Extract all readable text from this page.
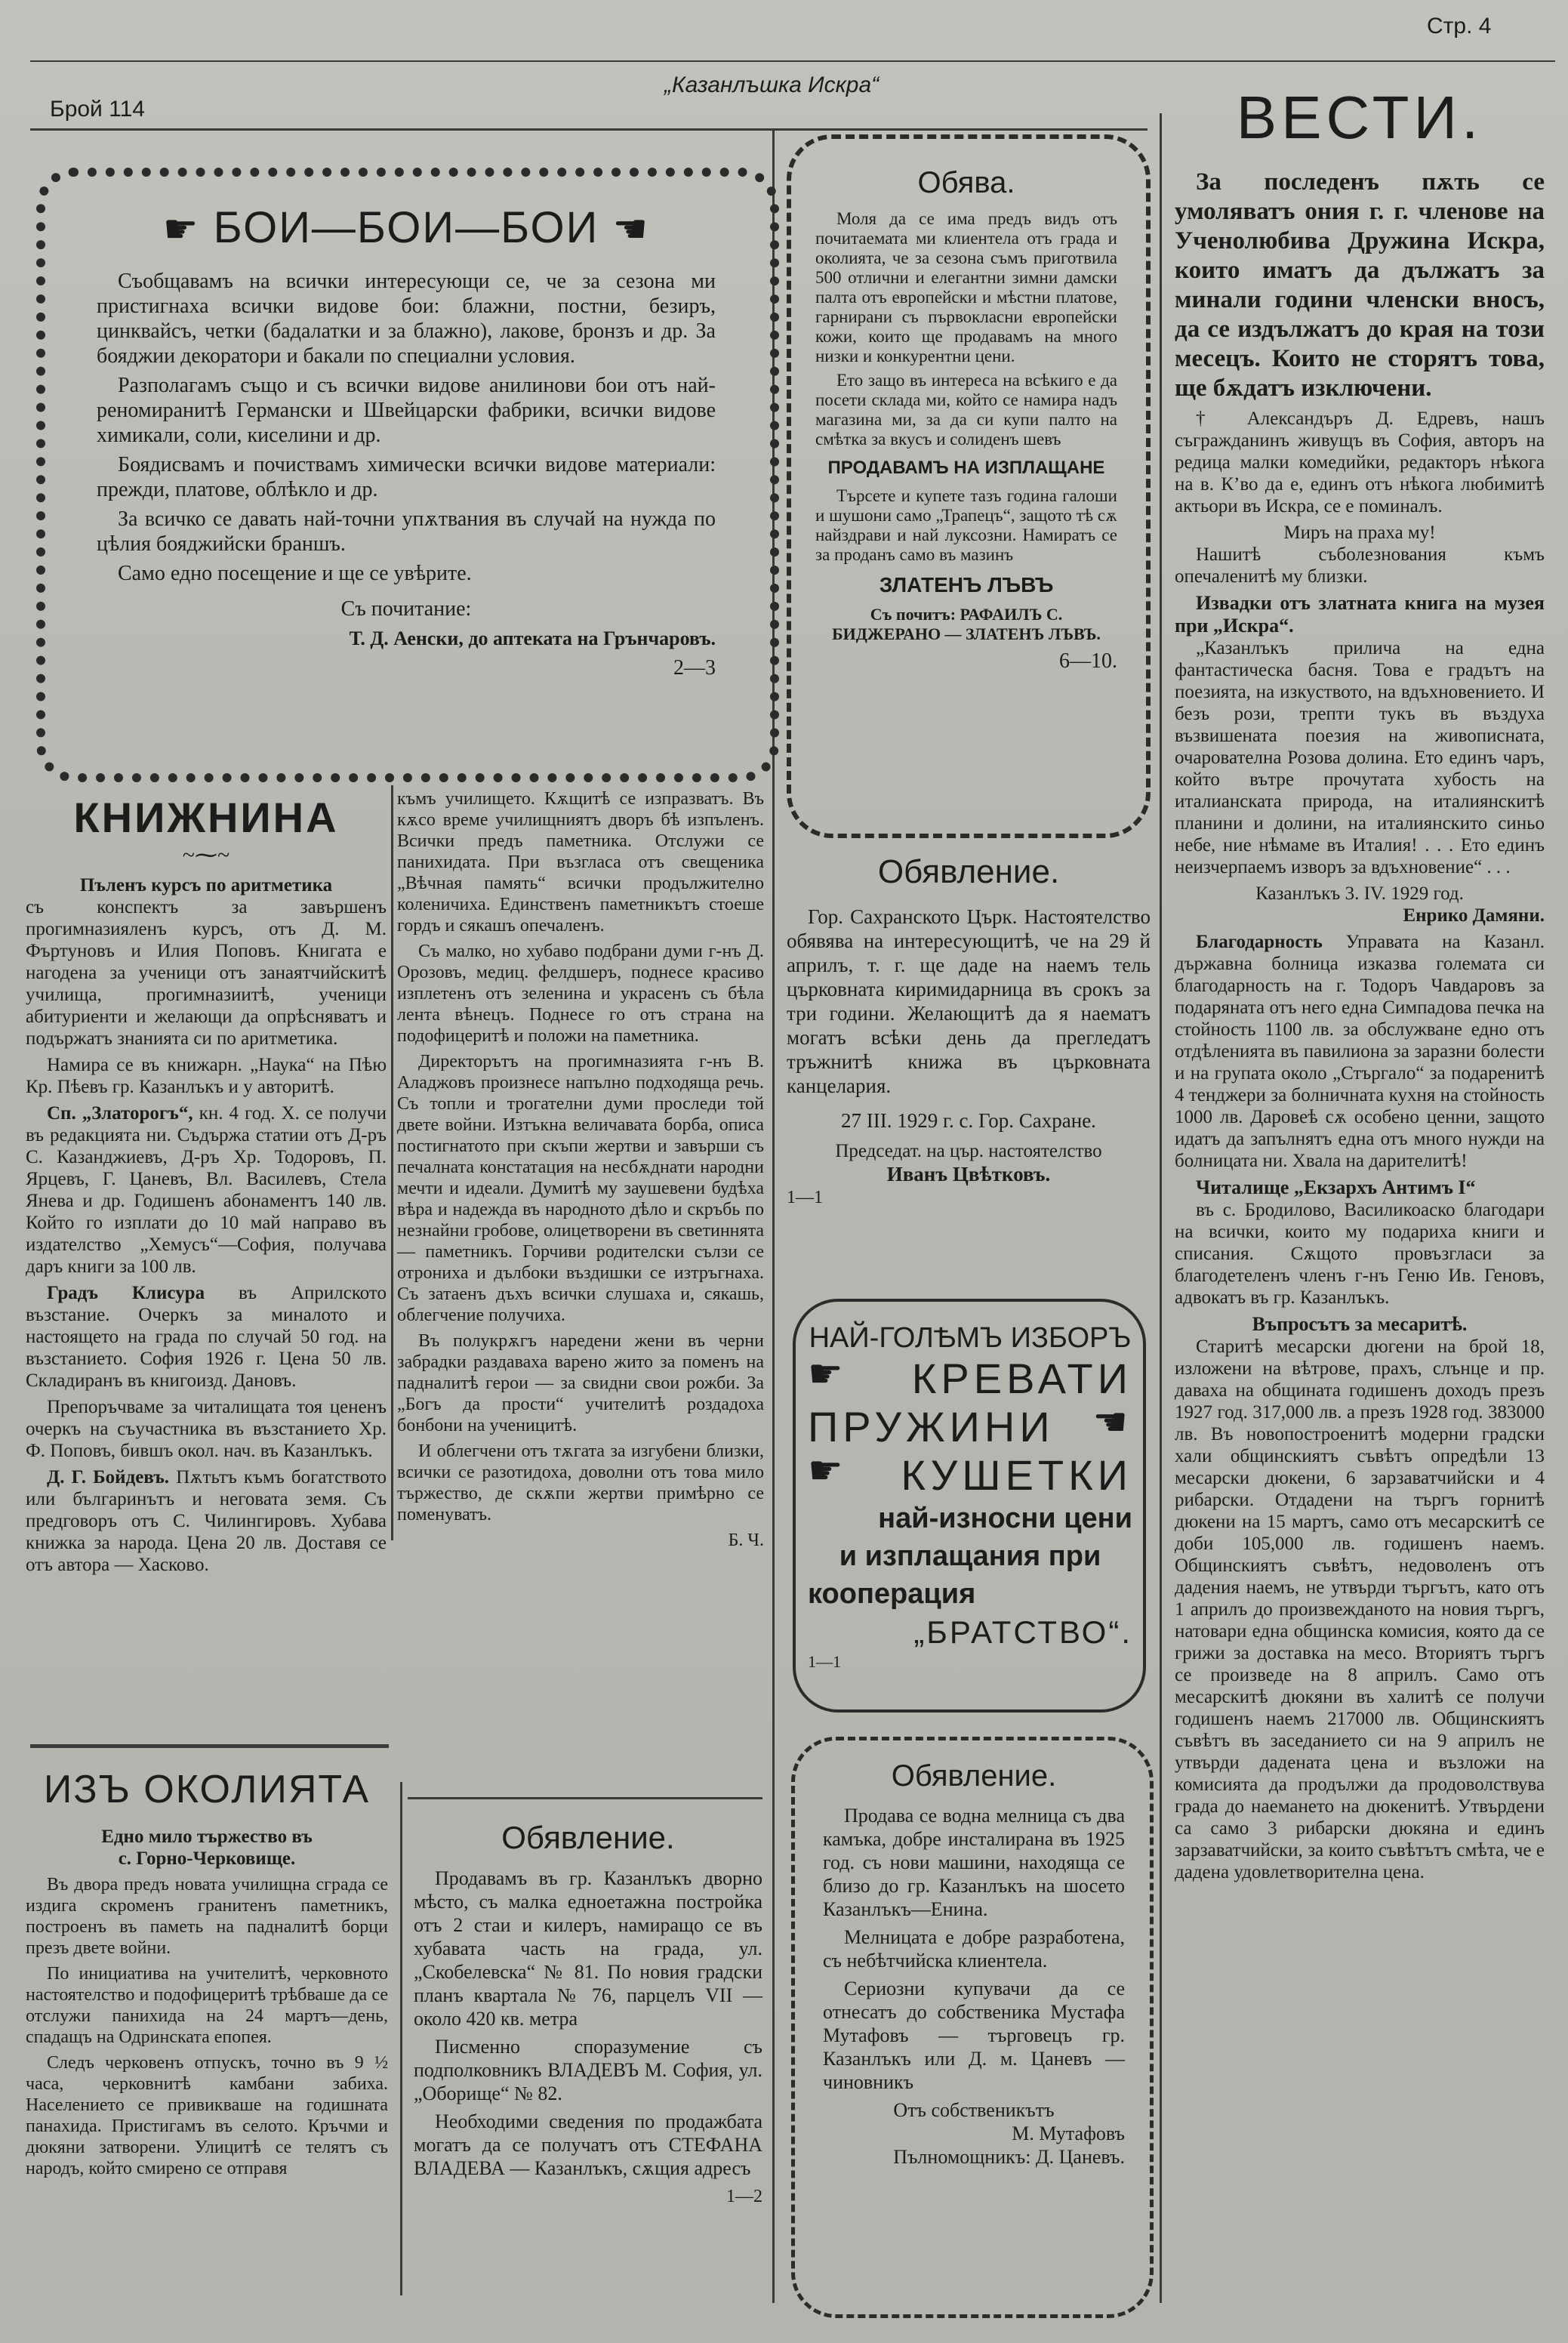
Брой 114
„Казанлъшка Искра“
Стр. 4
☛ БОИ—БОИ—БОИ ☚

Съобщавамъ на всички интересующи се, че за сезона ми пристигнаха всички видове бои: блажни, постни, безиръ, цинквайсъ, четки (бадалатки и за блажно), лакове, бронзъ и др. За бояджии декоратори и бакали по специални условия.

Разполагамъ също и съ всички видове анилинови бои отъ най-реномиранитѣ Германски и Швейцарски фабрики, всички видове химикали, соли, киселини и др.

Боядисвамъ и почиствамъ химически всички видове материали: прежди, платове, облѣкло и др.

За всичко се давать най-точни упѫтвания въ случай на нужда по цѣлия бояджийски браншъ.

Само едно посещение и ще се увѣрите.

Съ почитание:

Т. Д. Аенски, до аптеката на Грънчаровъ.

2—3

Обява.

Моля да се има предъ видъ отъ почитаемата ми клиентела отъ града и околията, че за сезона съмъ приготвила 500 отлични и елегантни зимни дамски палта отъ европейски и мѣстни платове, гарнирани съ първокласни европейски кожи, които ще продавамъ на много низки и конкурентни цени.

Ето защо въ интереса на всѣкиго е да посети склада ми, който се намира надъ магазина ми, за да си купи палто на смѣтка за вкусъ и солиденъ шевъ

ПРОДАВАМЪ НА ИЗПЛАЩАНЕ

Търсете и купете тазъ година галоши и шушони само „Трапецъ“, защото тѣ сѫ найздрави и най луксозни. Намиратъ се за проданъ само въ мазинъ

ЗЛАТЕНЪ ЛЪВЪ

Съ почитъ: РАФАИЛЪ С. БИДЖЕРАНО — ЗЛАТЕНЪ ЛЪВЪ.

6—10.

ВЕСТИ.

За последенъ пѫть се умоляватъ ония г. г. членове на Ученолюбива Дружина Искра, които иматъ да дължатъ за минали години членски вносъ, да се издължатъ до края на този месецъ. Които не сторятъ това, ще бѫдатъ изключени.

† Александъръ Д. Едревъ, нашъ съгражданинъ живущъ въ София, авторъ на редица малки комедийки, редакторъ нѣкога на в. К’во да е, единъ отъ нѣкога любимитѣ актьори въ Искра, се е поминалъ.

Миръ на праха му!

Нашитѣ съболезнования къмъ опечаленитѣ му близки.

Извадки отъ златната книга на музея при „Искра“.

„Казанлъкъ прилича на една фантастическа басня. Това е градътъ на поезията, на изкуството, на вдъхновението. И безъ рози, трепти тукъ въ въздуха възвишената поезия на живописната, очарователна Розова долина. Ето единъ чаръ, който вътре прочутата хубость на италианската природа, на италиянскитѣ планини и долини, на италиянскито синьо небе, ние нѣмаме въ Италия! . . . Ето единъ неизчерпаемъ изворъ за вдъхновение“ . . .

Казанлъкъ 3. IV. 1929 год.

Енрико Дамяни.

Благодарность Управата на Казанл. държавна болница изказва големата си благодарность на г. Тодоръ Чавдаровъ за подаряната отъ него една Симпадова печка на стойность 1100 лв. за обслужване едно отъ отдѣленията въ павилиона за заразни болести и на групата около „Стъргало“ за подаренитѣ 4 тенджери за болничната кухня на стойность 1000 лв. Даровеѣ сѫ особено ценни, защото идатъ да запълнятъ една отъ много нужди на болницата ни. Хвала на дарителитѣ!

Читалище „Екзархъ Антимъ I“

въ с. Бродилово, Василикоаско благодари на всички, които му подариха книги и списания. Сѫщото провъзгласи за благодетеленъ членъ г-нъ Геню Ив. Геновъ, адвокатъ въ гр. Казанлъкъ.

Въпросътъ за месаритѣ.

Старитѣ месарски дюгени на брой 18, изложени на вѣтрове, прахъ, слънце и пр. даваха на общината годишенъ доходъ презъ 1927 год. 317,000 лв. а презъ 1928 год. 383000 лв. Въ новопостроенитѣ модерни градски хали общинскиятъ съвѣтъ опредѣли 13 месарски дюкени, 6 зарзаватчийски и 4 рибарски. Отдадени на търгъ горнитѣ дюкени на 15 мартъ, само отъ месарскитѣ се доби 105,000 лв. годишенъ наемъ. Общинскиятъ съвѣтъ, недоволенъ отъ дадения наемъ, не утвърди търгътъ, като отъ 1 априлъ до произвежданото на новия търгъ, натовари една общинска комисия, която да се грижи за доставка на месо. Вториятъ търгъ се произведе на 8 априлъ. Само отъ месарскитѣ дюкяни въ халитѣ се получи годишенъ наемъ 217000 лв. Общинскиятъ съвѣтъ въ заседанието си на 9 априлъ не утвърди дадената цена и възложи на комисията да продължи да продоволствува града до наемането на дюкенитѣ. Утвърдени са само 3 рибарски дюкяна и единъ зарзаватчийски, за които съвѣтътъ смѣта, че е дадена удовлетворителна цена.

КНИЖНИНА
~⁓~

Пъленъ курсъ по аритметика

съ конспектъ за завършенъ прогимназияленъ курсъ, отъ Д. М. Фъртуновъ и Илия Поповъ. Книгата е нагодена за ученици отъ занаятчийскитѣ училища, прогимназиитѣ, ученици абитуриенти и желающи да опрѣсняватъ и подържатъ знанията си по аритметика.

Намира се въ книжарн. „Наука“ на Пѣю Кр. Пѣевъ гр. Казанлъкъ и у авторитѣ.

Сп. „Златорогъ“, кн. 4 год. X. се получи въ редакцията ни. Съдържа статии отъ Д-ръ С. Казанджиевъ, Д-ръ Хр. Тодоровъ, П. Ярцевъ, Г. Цаневъ, Вл. Василевъ, Стела Янева и др. Годишенъ абонаментъ 140 лв. Който го изплати до 10 май направо въ издателство „Хемусъ“—София, получава даръ книги за 100 лв.

Градъ Клисура въ Априлското възстание. Очеркъ за миналото и настоящето на града по случай 50 год. на възстанието. София 1926 г. Цена 50 лв. Складиранъ въ книгоизд. Дановъ.

Препоръчваме за читалищата тоя цененъ очеркъ на съучастника въ възстанието Хр. Ф. Поповъ, бившъ окол. нач. въ Казанлъкъ.

Д. Г. Бойдевъ. Пѫтьтъ къмъ богатството или българинътъ и неговата земя. Съ предговоръ отъ С. Чилингировъ. Хубава книжка за народа. Цена 20 лв. Доставя се отъ автора — Хасково.

ИЗЪ ОКОЛИЯТА

Едно мило тържество въ

с. Горно-Черковище.

Въ двора предъ новата училищна сграда се издига скроменъ гранитенъ паметникъ, построенъ въ паметь на падналитѣ борци презъ двете войни.

По инициатива на учителитѣ, черковното настоятелство и подофицеритѣ трѣбваше да се отслужи панихида на 24 мартъ—день, спадащъ на Одринската епопея.

Следъ черковенъ отпускъ, точно въ 9 ½ часа, черковнитѣ камбани забиха. Населението се привикваше на годишната панахида. Пристигамъ въ селото. Кръчми и дюкяни затворени. Улицитѣ се телятъ съ народъ, който смирено се отправя

къмъ училището. Кѫщитѣ се изпразватъ. Въ кѫсо време училищниятъ дворъ бѣ изпъленъ. Всички предъ паметника. Отслужи се панихидата. При възгласа отъ свещеника „Вѣчная память“ всички продължително коленичиха. Единственъ паметникътъ стоеше гордъ и сякашъ опечаленъ.

Съ малко, но хубаво подбрани думи г-нъ Д. Орозовъ, медиц. фелдшеръ, поднесе красиво изплетенъ отъ зеленина и украсенъ съ бѣла лента вѣнецъ. Поднесе го отъ страна на подофицеритѣ и положи на паметника.

Директорътъ на прогимназията г-нъ В. Аладжовъ произнесе напълно подходяща речь. Съ топли и трогателни думи проследи той двете войни. Изтъкна величавата борба, описа постигнатото при скъпи жертви и завърши съ печалната констатация на несбѫднати народни мечти и идеали. Думитѣ му заушевени будѣха вѣра и надежда въ народното дѣло и скръбь по незнайни гробове, олицетворени въ светиннята — паметникъ. Горчиви родителски сълзи се отрониха и дълбоки въздишки се изтръгнаха. Съ затаенъ дъхъ всички слушаха и, сякашь, облегчение получиха.

Въ полукрѫгъ наредени жени въ черни забрадки раздаваха варено жито за поменъ на падналитѣ герои — за свидни свои рожби. За „Богъ да прости“ учителитѣ роздадоха бонбони на ученицитѣ.

И облегчени отъ тѫгата за изгубени близки, всички се разотидоха, доволни отъ това мило тържество, де скѫпи жертви примѣрно се поменуватъ.

Б. Ч.

Обявление.

Гор. Сахранското Църк. Настоятелство обявява на интересующитѣ, че на 29 й априлъ, т. г. ще даде на наемъ тель църковната киримидарница въ срокъ за три години. Желающитѣ да я наематъ могатъ всѣки день да прегледатъ тръжнитѣ книжа въ църковната канцелария.

27 III. 1929 г. с. Гор. Сахране.

Председат. на цър. настоятелство

Иванъ Цвѣтковъ.

1—1

НАЙ-ГОЛѢМЪ ИЗБОРЪ
☛ КРЕВАТИ
ПРУЖИНИ ☚
☛ КУШЕТКИ
най-износни цени
и изплащания при
кооперация
„БРАТСТВО“.
1—1
Обявление.

Продавамъ въ гр. Казанлъкъ дворно мѣсто, съ малка едноетажна постройка отъ 2 стаи и килеръ, намиращо се въ хубавата часть на града, ул. „Скобелевска“ № 81. По новия градски планъ квартала № 76, парцелъ VII — около 420 кв. метра

Писменно споразумение съ подполковникъ ВЛАДЕВЪ М. София, ул. „Оборище“ № 82.

Необходими сведения по продажбата могатъ да се получатъ отъ СТЕФАНА ВЛАДЕВА — Казанлъкъ, сѫщия адресъ

1—2

Обявление.

Продава се водна мелница съ два камъка, добре инсталирана въ 1925 год. съ нови машини, находяща се близо до гр. Казанлъкъ на шосето Казанлъкъ—Енина.

Мелницата е добре разработена, съ небѣтчийска клиентела.

Сериозни купувачи да се отнесатъ до собственика Мустафа Мутафовъ — търговецъ гр. Казанлъкъ или Д. м. Цаневъ — чиновникъ

Отъ собственикътъ

М. Мутафовъ

Пълномощникъ: Д. Цаневъ.
